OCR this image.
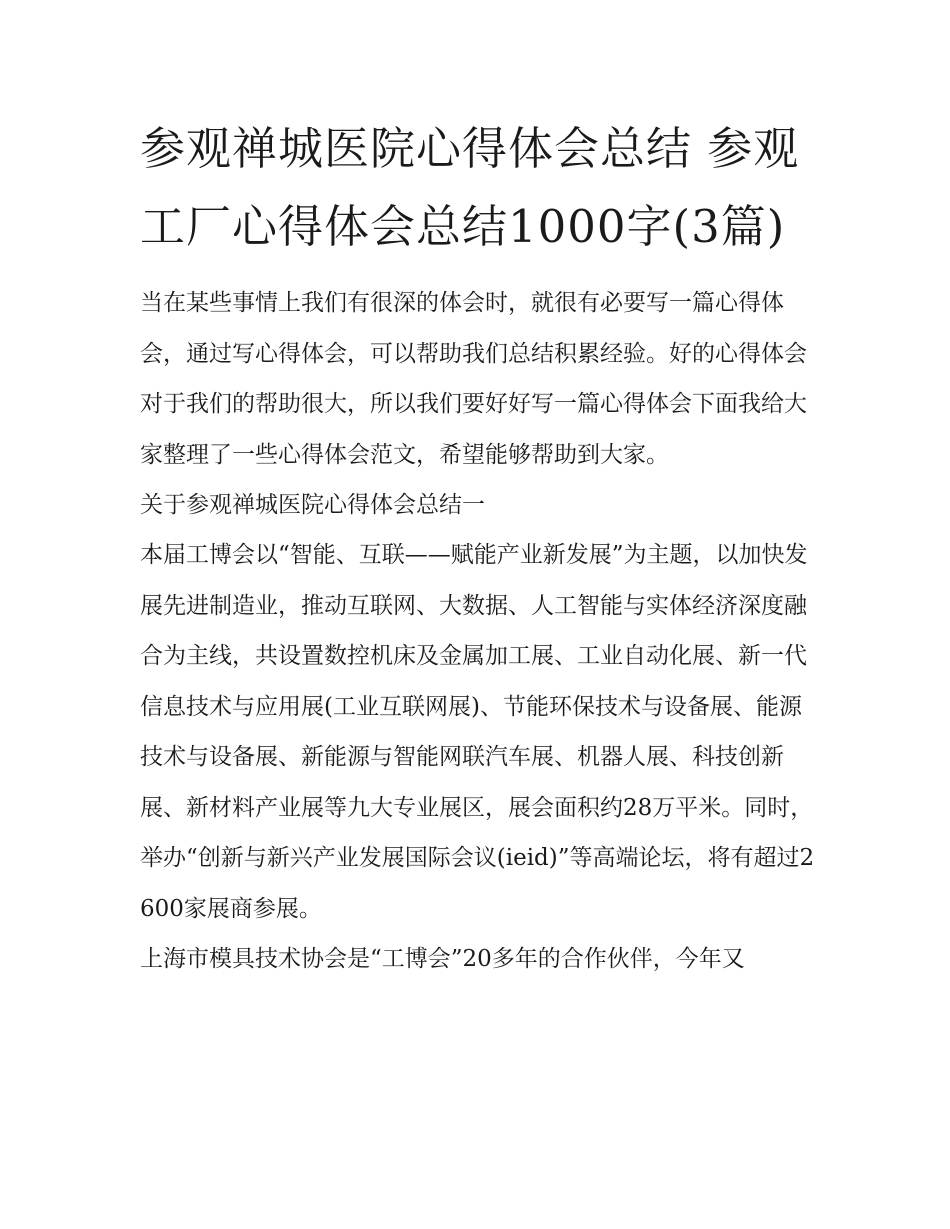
参观禅城医院心得体会总结 参观工厂心得体会总结1000字(3篇)

当在某些事情上我们有很深的体会时，就很有必要写一篇心得体会，通过写心得体会，可以帮助我们总结积累经验。好的心得体会对于我们的帮助很大，所以我们要好好写一篇心得体会下面我给大家整理了一些心得体会范文，希望能够帮助到大家。

关于参观禅城医院心得体会总结一

本届工博会以“智能、互联——赋能产业新发展”为主题，以加快发展先进制造业，推动互联网、大数据、人工智能与实体经济深度融合为主线，共设置数控机床及金属加工展、工业自动化展、新一代信息技术与应用展(工业互联网展)、节能环保技术与设备展、能源技术与设备展、新能源与智能网联汽车展、机器人展、科技创新展、新材料产业展等九大专业展区，展会面积约28万平米。同时，举办“创新与新兴产业发展国际会议(ieid)”等高端论坛，将有超过2600家展商参展。

上海市模具技术协会是“工博会”20多年的合作伙伴，今年又
